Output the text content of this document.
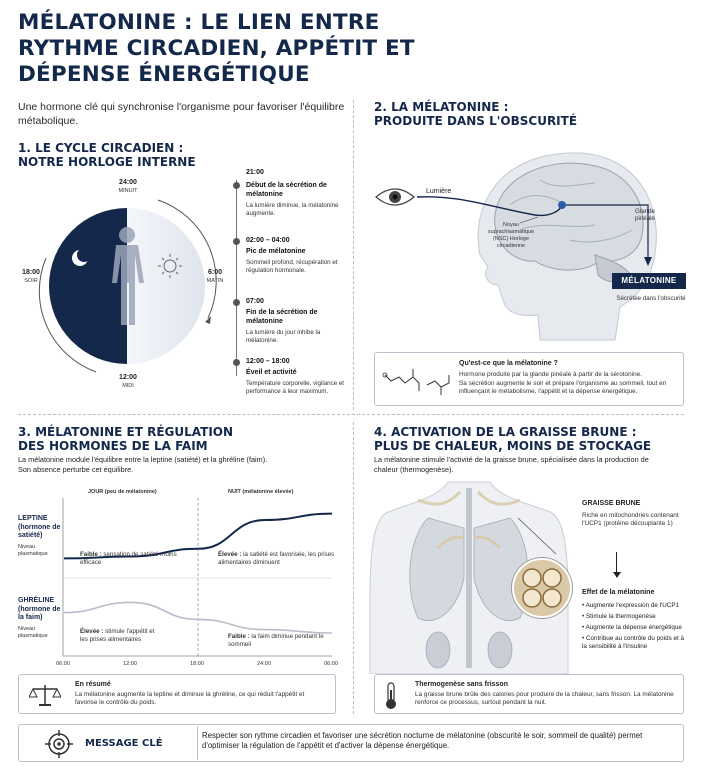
MÉLATONINE : LE LIEN ENTRE RYTHME CIRCADIEN, APPÉTIT ET DÉPENSE ÉNERGÉTIQUE
Une hormone clé qui synchronise l'organisme pour favoriser l'équilibre métabolique.
1. LE CYCLE CIRCADIEN :
NOTRE HORLOGE INTERNE
24:00
MINUIT
6:00
MATIN
12:00
MIDI
18:00
SOIR
21:00
Début de la sécrétion de mélatonine
La lumière diminue, la mélatonine augmente.
02:00 – 04:00
Pic de mélatonine
Sommeil profond, récupération et régulation hormonale.
07:00
Fin de la sécrétion de mélatonine
La lumière du jour inhibe la mélatonine.
12:00 – 18:00
Éveil et activité
Température corporelle, vigilance et performance à leur maximum.
2. LA MÉLATONINE :
PRODUITE DANS L'OBSCURITÉ
Lumière
Noyau suprachiasmatique (NSC) Horloge circadienne
Glande pinéale
MÉLATONINE
Sécrétée dans l'obscurité
Qu'est-ce que la mélatonine ?
Hormone produite par la glande pinéale à partir de la sérotonine.
Sa sécrétion augmente le soir et prépare l'organisme au sommeil, tout en influençant le métabolisme, l'appétit et la dépense énergétique.
3. MÉLATONINE ET RÉGULATION
DES HORMONES DE LA FAIM
La mélatonine module l'équilibre entre la leptine (satiété) et la ghréline (faim). Son absence perturbe cet équilibre.
JOUR (peu de mélatonine)	NUIT (mélatonine élevée)
LEPTINE (hormone de satiété)
Niveau plasmatique
GHRÉLINE (hormone de la faim)
Niveau plasmatique
Faible : sensation de satiété moins efficace
Élevée : la satiété est favorisée, les prises alimentaires diminuent
Élevée : stimule l'appétit et les prises alimentaires	Faible : la faim diminue pendant le sommeil
06:00	12:00	18:00	24:00	06:00
En résumé
La mélatonine augmente la leptine et diminue la ghréline, ce qui réduit l'appétit et favorise le contrôle du poids.
4. ACTIVATION DE LA GRAISSE BRUNE :
PLUS DE CHALEUR, MOINS DE STOCKAGE
La mélatonine stimule l'activité de la graisse brune, spécialisée dans la production de chaleur (thermogenèse).
GRAISSE BRUNE
Riche en mitochondries contenant l'UCP1 (protéine découplante 1)
Effet de la mélatonine
• Augmente l'expression de l'UCP1
• Stimule la thermogenèse
• Augmente la dépense énergétique
• Contribue au contrôle du poids et à la sensibilité à l'insuline
Thermogenèse sans frisson
La graisse brune brûle des calories pour produire de la chaleur, sans frisson. La mélatonine renforce ce processus, surtout pendant la nuit.
MESSAGE CLÉ
Respecter son rythme circadien et favoriser une sécrétion nocturne de mélatonine (obscurité le soir, sommeil de qualité) permet d'optimiser la régulation de l'appétit et d'activer la dépense énergétique.
